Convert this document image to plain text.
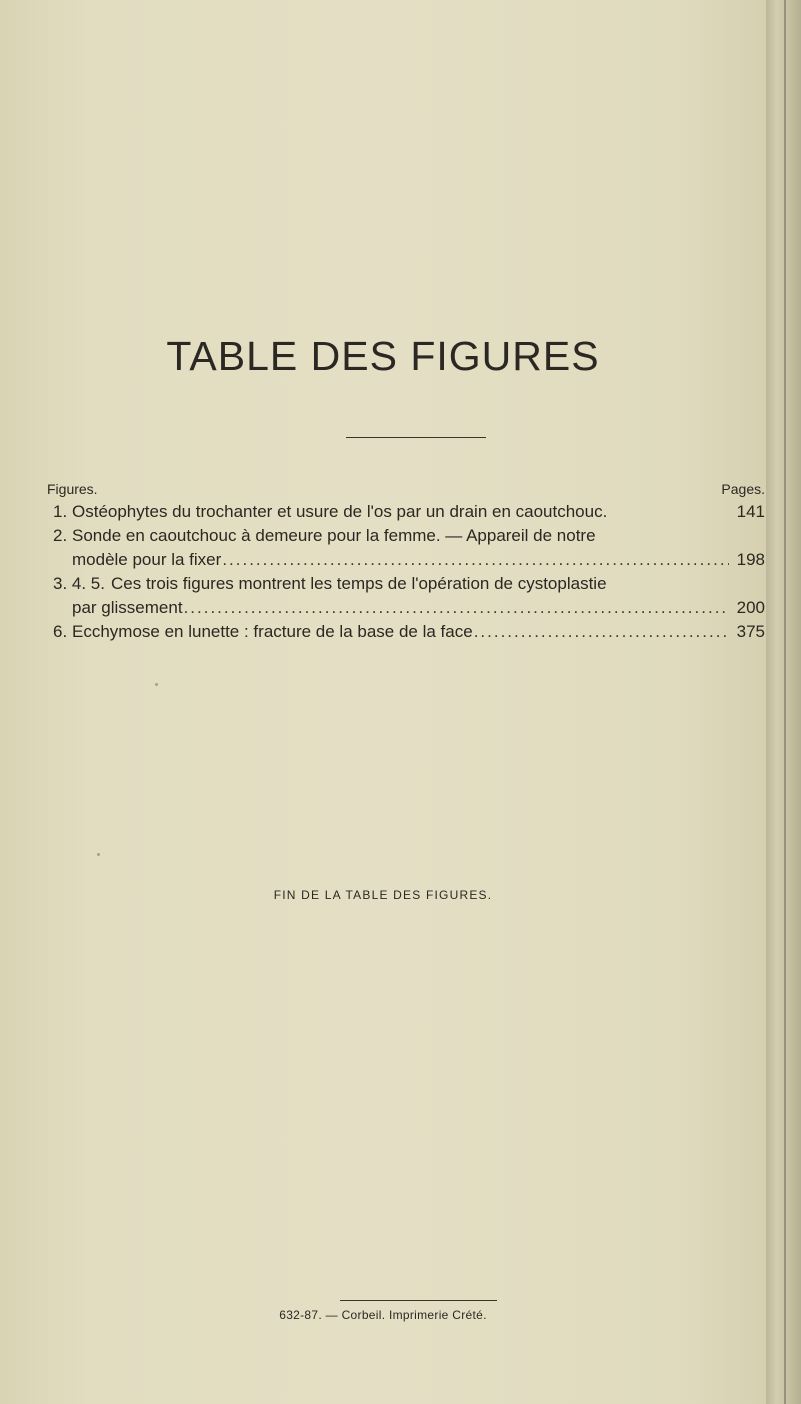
TABLE DES FIGURES
Figures.	Pages.
1. Ostéophytes du trochanter et usure de l'os par un drain en caoutchouc.	141
2. Sonde en caoutchouc à demeure pour la femme. — Appareil de notre
modèle pour la fixer .....	198
3. 4. 5. Ces trois figures montrent les temps de l'opération de cystoplastie
par glissement .....	200
6. Ecchymose en lunette : fracture de la base de la face .....	375
FIN DE LA TABLE DES FIGURES.
632-87. — Corbeil. Imprimerie Crété.
